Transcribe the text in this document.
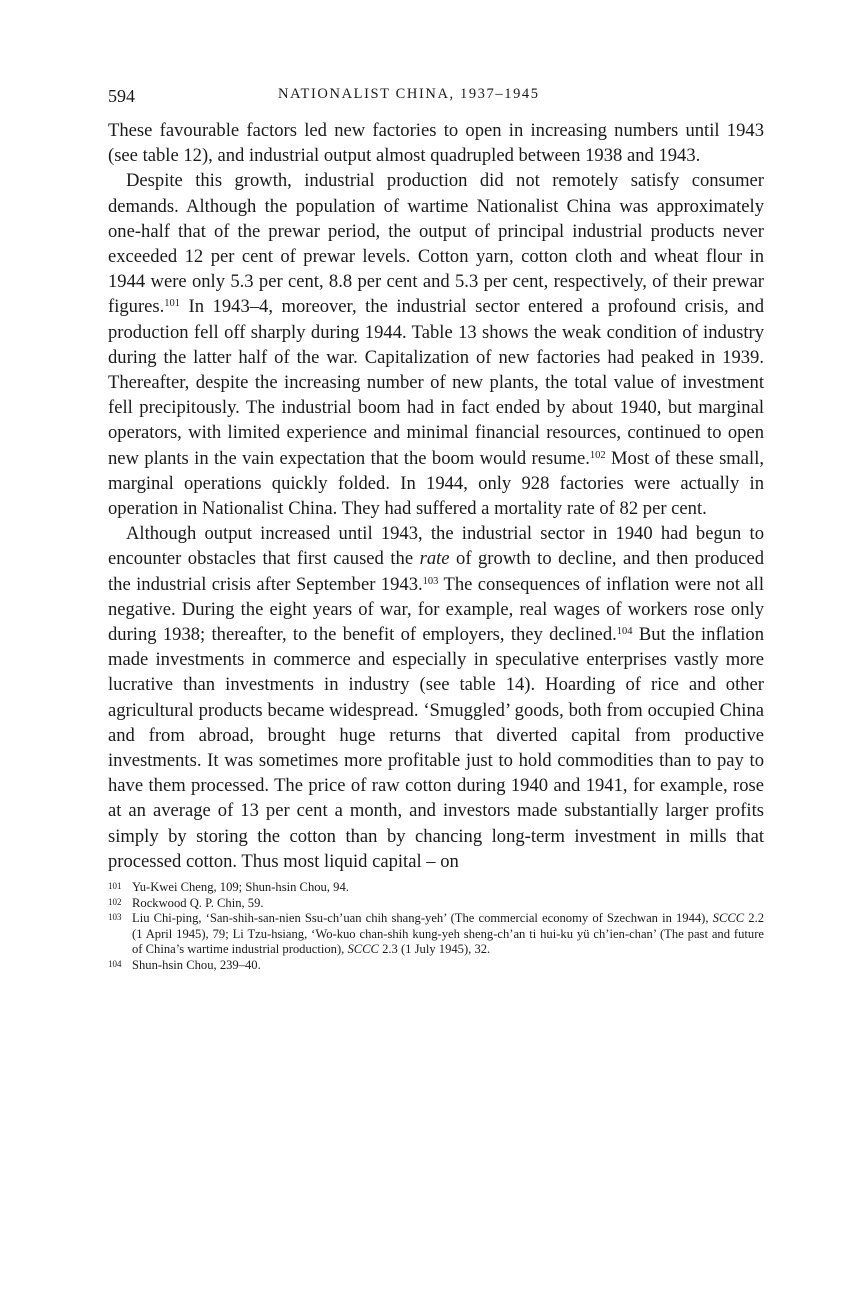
594	NATIONALIST CHINA, 1937–1945

These favourable factors led new factories to open in increasing numbers until 1943 (see table 12), and industrial output almost quadrupled between 1938 and 1943.

Despite this growth, industrial production did not remotely satisfy consumer demands. Although the population of wartime Nationalist China was approximately one-half that of the prewar period, the output of principal industrial products never exceeded 12 per cent of prewar levels. Cotton yarn, cotton cloth and wheat flour in 1944 were only 5.3 per cent, 8.8 per cent and 5.3 per cent, respectively, of their prewar figures.$^{101}$ In 1943–4, moreover, the industrial sector entered a profound crisis, and production fell off sharply during 1944. Table 13 shows the weak condition of industry during the latter half of the war. Capitalization of new factories had peaked in 1939. Thereafter, despite the increasing number of new plants, the total value of investment fell precipitously. The industrial boom had in fact ended by about 1940, but marginal operators, with limited experience and minimal financial resources, continued to open new plants in the vain expectation that the boom would resume.$^{102}$ Most of these small, marginal operations quickly folded. In 1944, only 928 factories were actually in operation in Nationalist China. They had suffered a mortality rate of 82 per cent.

Although output increased until 1943, the industrial sector in 1940 had begun to encounter obstacles that first caused the rate of growth to decline, and then produced the industrial crisis after September 1943.$^{103}$ The consequences of inflation were not all negative. During the eight years of war, for example, real wages of workers rose only during 1938; thereafter, to the benefit of employers, they declined.$^{104}$ But the inflation made investments in commerce and especially in speculative enterprises vastly more lucrative than investments in industry (see table 14). Hoarding of rice and other agricultural products became widespread. ‘Smuggled’ goods, both from occupied China and from abroad, brought huge returns that diverted capital from productive investments. It was sometimes more profitable just to hold commodities than to pay to have them processed. The price of raw cotton during 1940 and 1941, for example, rose at an average of 13 per cent a month, and investors made substantially larger profits simply by storing the cotton than by chancing long-term investment in mills that processed cotton. Thus most liquid capital – on

101 Yu-Kwei Cheng, 109; Shun-hsin Chou, 94.
102 Rockwood Q. P. Chin, 59.
103 Liu Chi-ping, ‘San-shih-san-nien Ssu-ch’uan chih shang-yeh’ (The commercial economy of Szechwan in 1944), SCCC 2.2 (1 April 1945), 79; Li Tzu-hsiang, ‘Wo-kuo chan-shih kung-yeh sheng-ch’an ti hui-ku yü ch’ien-chan’ (The past and future of China’s wartime industrial production), SCCC 2.3 (1 July 1945), 32.
104 Shun-hsin Chou, 239–40.
